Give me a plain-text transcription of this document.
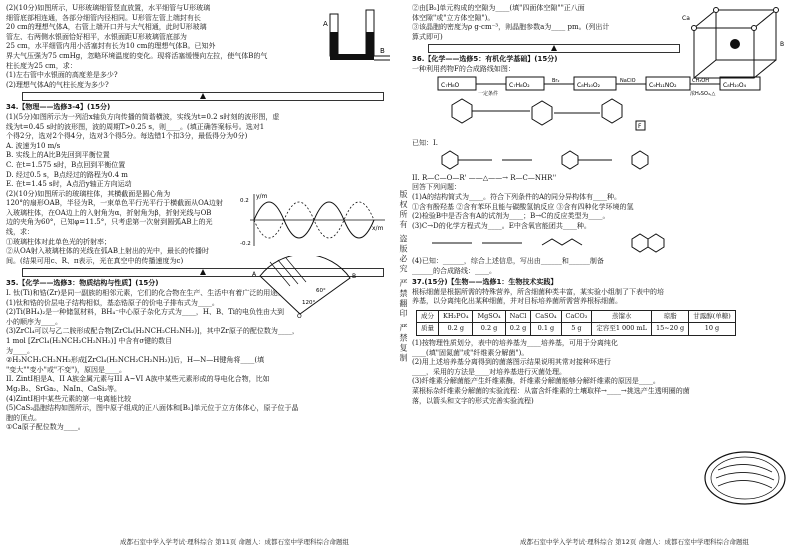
(2)(10分)如图所示，U形玻璃细管竖直放置，水平细管与U形玻璃

细管底部相连通，各部分细管内径相同。U形管左管上端封有长

20 cm的理想气体A，右管上端开口并与大气相通，此时U形玻璃

管左、右两侧水银面恰好相平，水银面距U形玻璃管底部为

25 cm，水平细管内用小活塞封有长为10 cm的理想气体B。已知外

界大气压强为75 cmHg，忽略环境温度的变化。现将活塞缓慢向左拉，使气体B的气

柱长度为25 cm，求：

(1)左右管中水银面的高度差是多少?

(2)理想气体A的气柱长度为多少?

34.【物理——选修3-4】(15分)

(1)(5分)如图所示为一列沿x轴负方向传播的简谐横波，实线为t=0.2 s时刻的波形图，虚

线为t=0.45 s时的波形图，波的周期T>0.25 s，则____。(填正确答案标号。选对1

个得2分，选对2个得4分，选对3个得5分。每选错1个扣3分，最低得分为0分)

A. 波速为10 m/s

B. 实线上的A比B先回到平衡位置

C. 在t=1.575 s时，B点回到平衡位置

D. 经过0.5 s，B点经过的路程为0.4 m

E. 在t=1.45 s时，A点沿y轴正方向运动

(2)(10分)如图所示的玻璃柱体，其横截面是圆心角为

120°的扇形OAB，半径为R，一束单色平行光平行于横截面从OA边射

入玻璃柱体，在OA边上的入射角为α，折射角为β，折射光线与OB

边的夹角为60°，已知φ=11.5°，只考虑第一次射到圆弧AB上的光

线，求：

①玻璃柱体对此单色光的折射率；

②从OA射入玻璃柱体的光线在弧AB上射出的光中，最长的传播时

间。(结果可用c、R、π表示，光在真空中的传播速度为c)

35.【化学——选修3：物质结构与性质】(15分)

I. 钛(Ti)和锆(Zr)是同一副族的相邻元素，它们的化合物在生产、生活中有着广泛的用途。

(1)钛和锆的价层电子结构相似，基态锆原子的价电子排布式为____。

(2)Ti(BH₄)₂是一种储氢材料，BH₄⁻中心原子杂化方式为____，H、B、Ti的电负性由大到

小的顺序为____。

(3)ZrCl₄可以与乙二胺形成配合物[ZrCl₄(H₂NCH₂CH₂NH₂)]，其中Zr原子的配位数为____，

1 mol [ZrCl₄(H₂NCH₂CH₂NH₂)] 中含有σ键的数目

为____。

②H₂NCH₂CH₂NH₂形成[ZrCl₄(H₂NCH₂CH₂NH₂)]后，H—N—H键角将____(填

"变大""变小"或"不变")，原因是____。

II. ZintI相是A、II A族金属元素与III A~VI A族中某些元素形成的导电化合物，比如

Mg₂B₂、SrGa₂、NaIn、CaSi₂等。

(4)ZintI相中某些元素的第一电离能比较

(5)CaS₂晶胞结构如图所示，图中原子组成的正八面体和[B₂]单元位于立方体体心，原子位于晶

胞的顶点。

①Ca原子配位数为____。

A
B
y/m
x/m
0.2
-0.2
O
A	B
120°
60°	版权所有 盗版必究 严禁翻印 严禁复制

②由[B₂]单元构成的空隙为____(填"四面体空隙""正八面

体空隙"或"立方体空隙")。

③该晶胞的密度为ρ g·cm⁻³，则晶胞参数a为____ pm。(列出计

算式即可)

36.【化学——选修5：有机化学基础】(15分)

一种利用药物F的合成路线如图：

C₇H₈O	C₇H₈O₂	C₈H₁₀O₂	C₉H₁₁NO₂	C₈H₁₀O₄
一定条件
Br₂	NaClO	CH₃OH
浓H₂SO₄,△
F

已知：I.

II. R—C—O—R' ——△——→ R—C—NHR''

回答下列问题：

(1)A的结构简式为____。符合下列条件的A的同分异构体有____种。

①含有酚羟基 ②含有苯环且能与碳酸氢钠反应 ③含有四种化学环境的氢

(2)检验B中是否含有A的试剂为____；B→C的反应类型为____。

(3)C→D的化学方程式为____。E中含氧官能团共____种。

(4)已知：______，综合上述信息，写出由______和______制备

______的合成路线：____。

37.(15分)【生物——选修1：生物技术实践】

根标细菌是根据所需的特殊营养，所含细菌种类丰富，某实验小组制了下表中的培

养基，以分离纯化出某种细菌，并对目标培养菌所需营养根标细菌。

成分	KH₂PO₄	MgSO₄	NaCl	CaSO₄	CaCO₃	蒸馏水	琼脂	甘露醇(单糖)
质量	0.2 g	0.2 g	0.2 g	0.1 g	5 g	定容至1 000 mL	15~20 g	10 g

(1)按物理性质划分，表中的培养基为____培养基，可用于分离纯化

____(填"固氮菌"或"纤维素分解菌")。

(2)用上述培养基分离得到的菌落图示结果说明其常对接种环进行

____，采用的方法是____对培养基进行灭菌处理。

(3)纤维素分解菌能产生纤维素酶，纤维素分解菌能够分解纤维素的原因是____。

菜根标杂纤维素分解菌的实验流程：从富含纤维素的土壤取样→____→挑选产生透明圈的菌

落，以箭头和文字的形式完善实验流程)

Ca
B
成都石室中学入学考试·理科综合 第11页 命题人：成都石室中学理科综合命题组	成都石室中学入学考试·理科综合 第12页 命题人：成都石室中学理科综合命题组
